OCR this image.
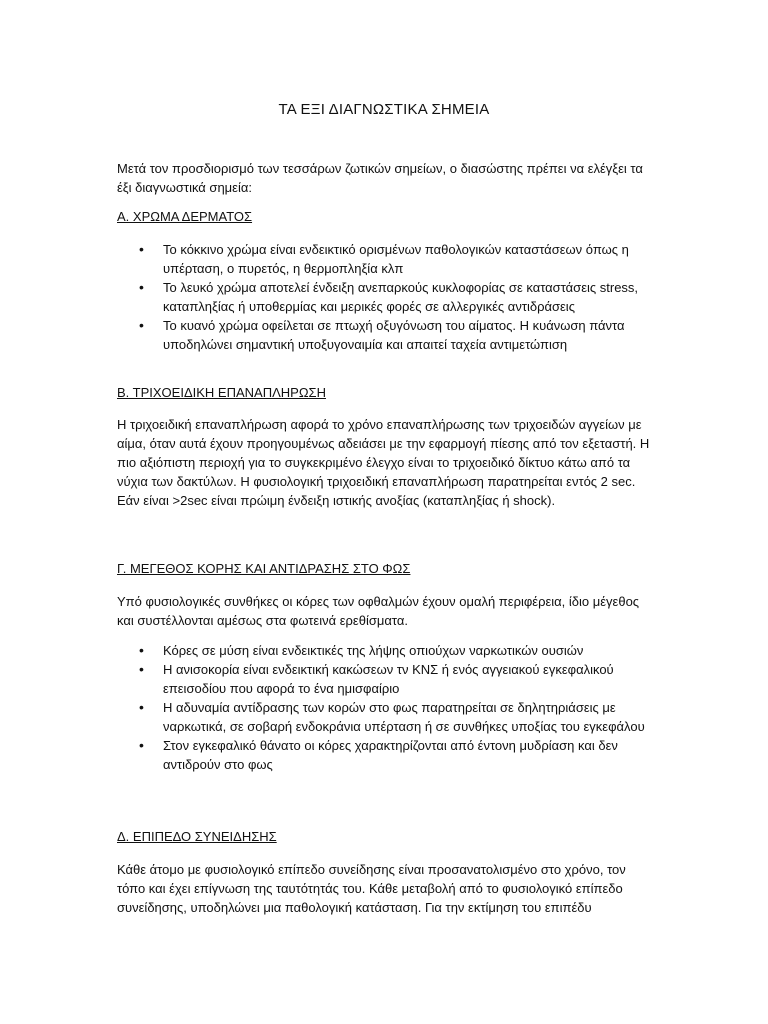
ΤΑ ΕΞΙ ΔΙΑΓΝΩΣΤΙΚΑ ΣΗΜΕΙΑ

Μετά τον προσδιορισμό των τεσσάρων ζωτικών σημείων, ο διασώστης πρέπει να ελέγξει τα έξι διαγνωστικά σημεία:

Α. ΧΡΩΜΑ ΔΕΡΜΑΤΟΣ
• Το κόκκινο χρώμα είναι ενδεικτικό ορισμένων παθολογικών καταστάσεων όπως η υπέρταση, ο πυρετός, η θερμοπληξία κλπ
• Το λευκό χρώμα αποτελεί ένδειξη ανεπαρκούς κυκλοφορίας σε καταστάσεις stress, καταπληξίας ή υποθερμίας και μερικές φορές σε αλλεργικές αντιδράσεις
• Το κυανό χρώμα οφείλεται σε πτωχή οξυγόνωση του αίματος. Η κυάνωση πάντα υποδηλώνει σημαντική υποξυγοναιμία και απαιτεί ταχεία αντιμετώπιση
Β. ΤΡΙΧΟΕΙΔΙΚΗ ΕΠΑΝΑΠΛΗΡΩΣΗ

Η τριχοειδική επαναπλήρωση αφορά το χρόνο επαναπλήρωσης των τριχοειδών αγγείων με αίμα, όταν αυτά έχουν προηγουμένως αδειάσει με την εφαρμογή πίεσης από τον εξεταστή. Η πιο αξιόπιστη περιοχή για το συγκεκριμένο έλεγχο είναι το τριχοειδικό δίκτυο κάτω από τα νύχια των δακτύλων. Η φυσιολογική τριχοειδική επαναπλήρωση παρατηρείται εντός 2 sec. Εάν είναι >2sec είναι πρώιμη ένδειξη ιστικής ανοξίας (καταπληξίας ή shock).

Γ. ΜΕΓΕΘΟΣ ΚΟΡΗΣ ΚΑΙ ΑΝΤΙΔΡΑΣΗΣ ΣΤΟ ΦΩΣ

Υπό φυσιολογικές συνθήκες οι κόρες των οφθαλμών έχουν ομαλή περιφέρεια, ίδιο μέγεθος και συστέλλονται αμέσως στα φωτεινά ερεθίσματα.

• Κόρες σε μύση είναι ενδεικτικές της λήψης οπιούχων ναρκωτικών ουσιών
• Η ανισοκορία είναι ενδεικτική κακώσεων τν ΚΝΣ ή ενός αγγειακού εγκεφαλικού επεισοδίου που αφορά το ένα ημισφαίριο
• Η αδυναμία αντίδρασης των κορών στο φως παρατηρείται σε δηλητηριάσεις με ναρκωτικά, σε σοβαρή ενδοκράνια υπέρταση ή σε συνθήκες υποξίας του εγκεφάλου
• Στον εγκεφαλικό θάνατο οι κόρες χαρακτηρίζονται από έντονη μυδρίαση και δεν αντιδρούν στο φως
Δ. ΕΠΙΠΕΔΟ ΣΥΝΕΙΔΗΣΗΣ

Κάθε άτομο με φυσιολογικό επίπεδο συνείδησης είναι προσανατολισμένο στο χρόνο, τον τόπο και έχει επίγνωση της ταυτότητάς του. Κάθε μεταβολή από το φυσιολογικό επίπεδο συνείδησης, υποδηλώνει μια παθολογική κατάσταση. Για την εκτίμηση του επιπέδυ
